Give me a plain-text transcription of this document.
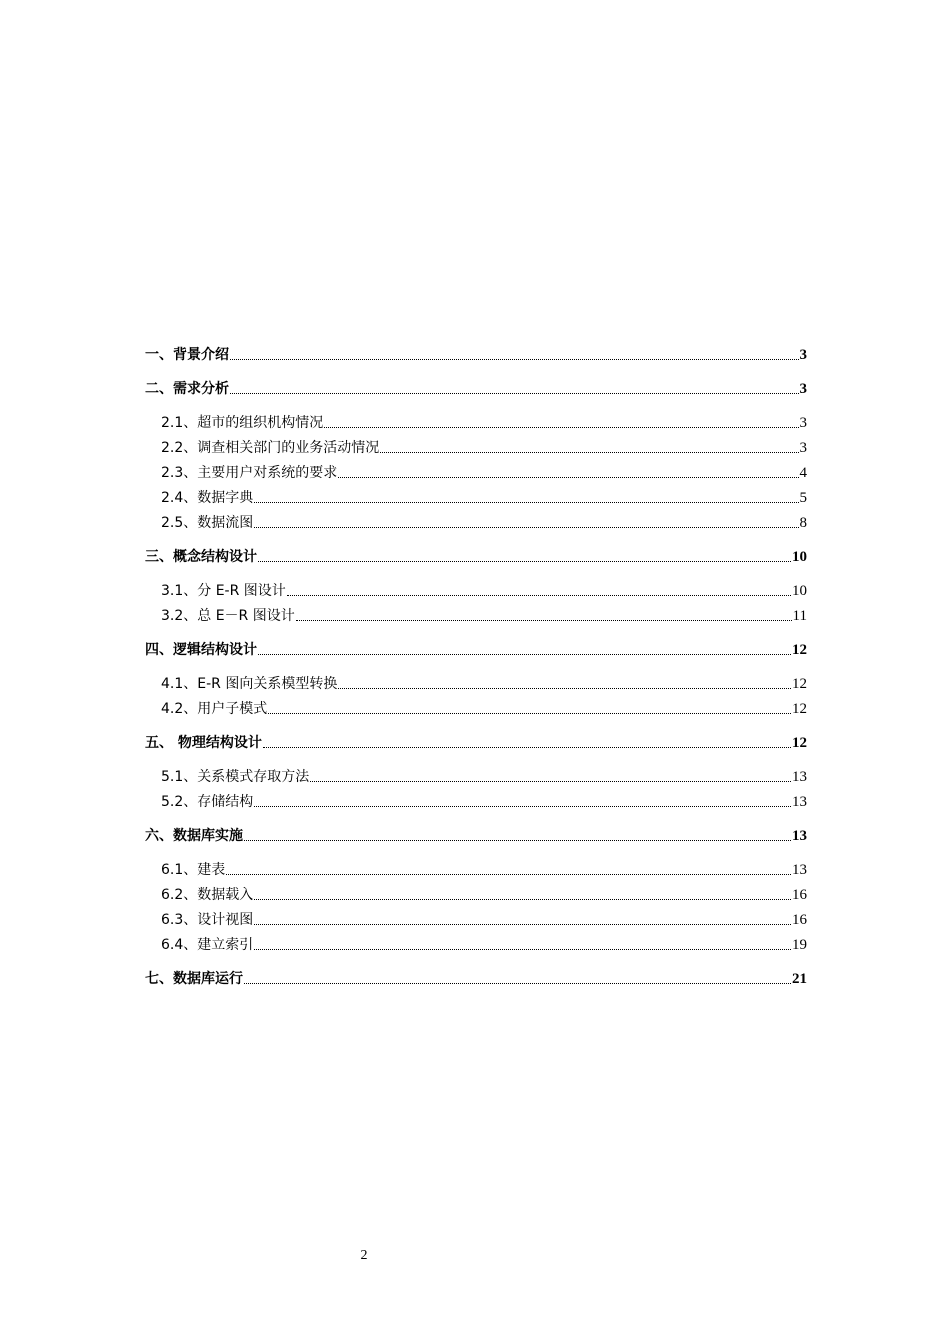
一、背景介绍	3
二、需求分析	3
2.1、超市的组织机构情况	3
2.2、调查相关部门的业务活动情况	3
2.3、主要用户对系统的要求	4
2.4、数据字典	5
2.5、数据流图	8
三、概念结构设计	10
3.1、分 E-R 图设计	10
3.2、总 E－R 图设计	11
四、逻辑结构设计	12
4.1、E-R 图向关系模型转换	12
4.2、用户子模式	12
五、 物理结构设计	12
5.1、关系模式存取方法	13
5.2、存储结构	13
六、数据库实施	13
6.1、建表	13
6.2、数据载入	16
6.3、设计视图	16
6.4、建立索引	19
七、数据库运行	21
2
